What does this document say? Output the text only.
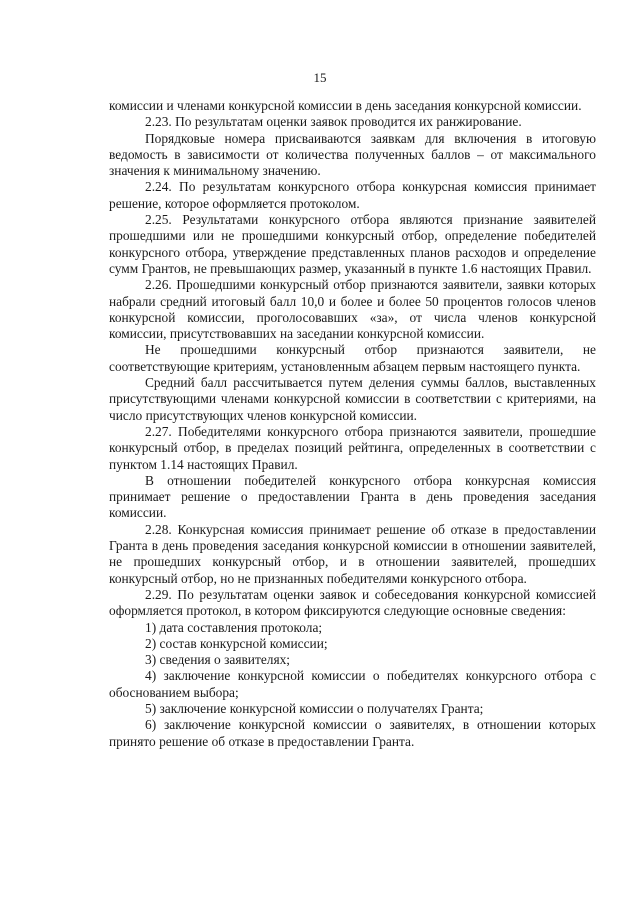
15

комиссии и членами конкурсной комиссии в день заседания конкурсной комиссии.

2.23. По результатам оценки заявок проводится их ранжирование.

Порядковые номера присваиваются заявкам для включения в итоговую ведомость в зависимости от количества полученных баллов – от максимального значения к минимальному значению.

2.24. По результатам конкурсного отбора конкурсная комиссия принимает решение, которое оформляется протоколом.

2.25. Результатами конкурсного отбора являются признание заявителей прошедшими или не прошедшими конкурсный отбор, определение победителей конкурсного отбора, утверждение представленных планов расходов и определение сумм Грантов, не превышающих размер, указанный в пункте 1.6 настоящих Правил.

2.26. Прошедшими конкурсный отбор признаются заявители, заявки которых набрали средний итоговый балл 10,0 и более и более 50 процентов голосов членов конкурсной комиссии, проголосовавших «за», от числа членов конкурсной комиссии, присутствовавших на заседании конкурсной комиссии.

Не прошедшими конкурсный отбор признаются заявители, не соответствующие критериям, установленным абзацем первым настоящего пункта.

Средний балл рассчитывается путем деления суммы баллов, выставленных присутствующими членами конкурсной комиссии в соответствии с критериями, на число присутствующих членов конкурсной комиссии.

2.27. Победителями конкурсного отбора признаются заявители, прошедшие конкурсный отбор, в пределах позиций рейтинга, определенных в соответствии с пунктом 1.14 настоящих Правил.

В отношении победителей конкурсного отбора конкурсная комиссия принимает решение о предоставлении Гранта в день проведения заседания комиссии.

2.28. Конкурсная комиссия принимает решение об отказе в предоставлении Гранта в день проведения заседания конкурсной комиссии в отношении заявителей, не прошедших конкурсный отбор, и в отношении заявителей, прошедших конкурсный отбор, но не признанных победителями конкурсного отбора.

2.29. По результатам оценки заявок и собеседования конкурсной комиссией оформляется протокол, в котором фиксируются следующие основные сведения:

1) дата составления протокола;

2) состав конкурсной комиссии;

3) сведения о заявителях;

4) заключение конкурсной комиссии о победителях конкурсного отбора с обоснованием выбора;

5) заключение конкурсной комиссии о получателях Гранта;

6) заключение конкурсной комиссии о заявителях, в отношении которых принято решение об отказе в предоставлении Гранта.
